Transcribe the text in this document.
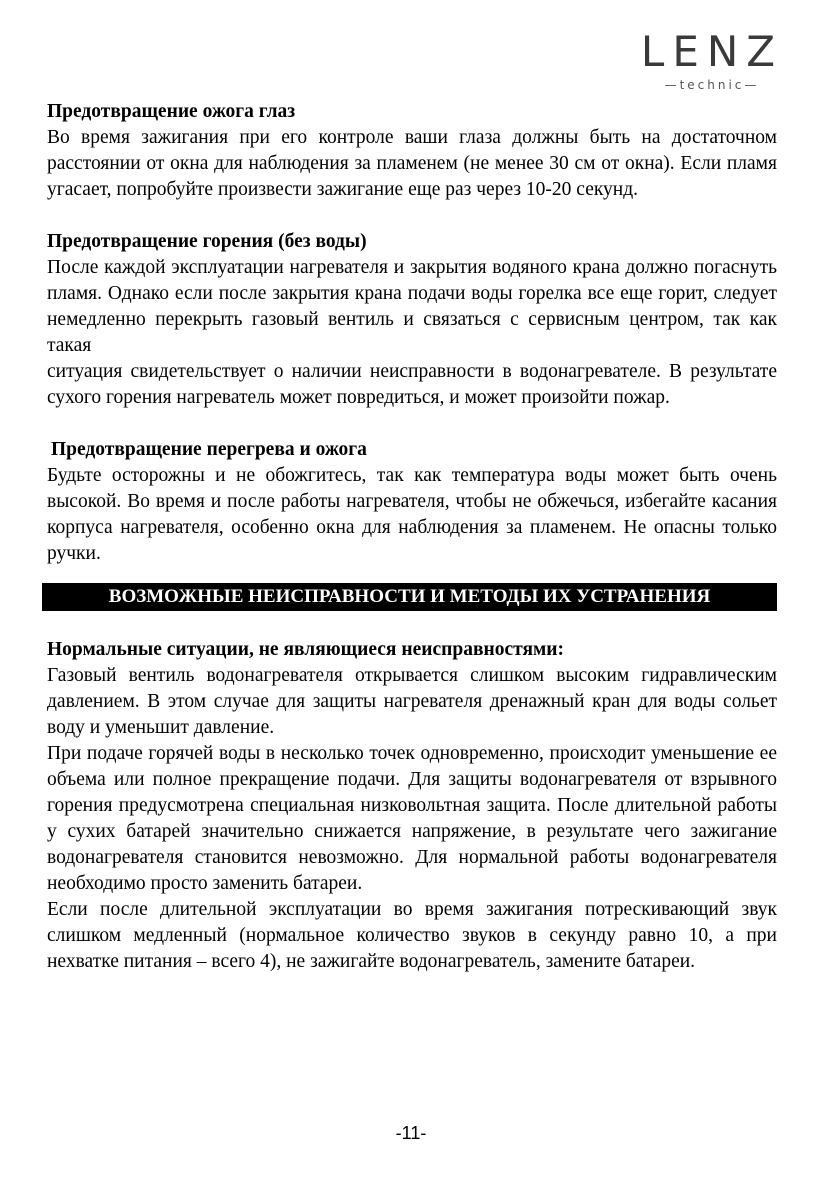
LENZ
—technic—

Предотвращение ожога глаз

Во время зажигания при его контроле ваши глаза должны быть на достаточном расстоянии от окна для наблюдения за пламенем (не менее 30 см от окна). Если пламя угасает, попробуйте произвести зажигание еще раз через 10-20 секунд.

Предотвращение горения (без воды)

После каждой эксплуатации нагревателя и закрытия водяного крана должно погаснуть пламя. Однако если после закрытия крана подачи воды горелка все еще горит, следует немедленно перекрыть газовый вентиль и связаться с сервисным центром, так как такая

ситуация свидетельствует о наличии неисправности в водонагревателе. В результате сухого горения нагреватель может повредиться, и может произойти пожар.

Предотвращение перегрева и ожога

Будьте осторожны и не обожгитесь, так как температура воды может быть очень высокой. Во время и после работы нагревателя, чтобы не обжечься, избегайте касания корпуса нагревателя, особенно окна для наблюдения за пламенем. Не опасны только ручки.

ВОЗМОЖНЫЕ НЕИСПРАВНОСТИ И МЕТОДЫ ИХ УСТРАНЕНИЯ

Нормальные ситуации, не являющиеся неисправностями:

Газовый вентиль водонагревателя открывается слишком высоким гидравлическим давлением. В этом случае для защиты нагревателя дренажный кран для воды сольет воду и уменьшит давление.

При подаче горячей воды в несколько точек одновременно, происходит уменьшение ее объема или полное прекращение подачи. Для защиты водонагревателя от взрывного горения предусмотрена специальная низковольтная защита. После длительной работы у сухих батарей значительно снижается напряжение, в результате чего зажигание водонагревателя становится невозможно. Для нормальной работы водонагревателя необходимо просто заменить батареи.

Если после длительной эксплуатации во время зажигания потрескивающий звук слишком медленный (нормальное количество звуков в секунду равно 10, а при нехватке питания – всего 4), не зажигайте водонагреватель, замените батареи.

-11-
